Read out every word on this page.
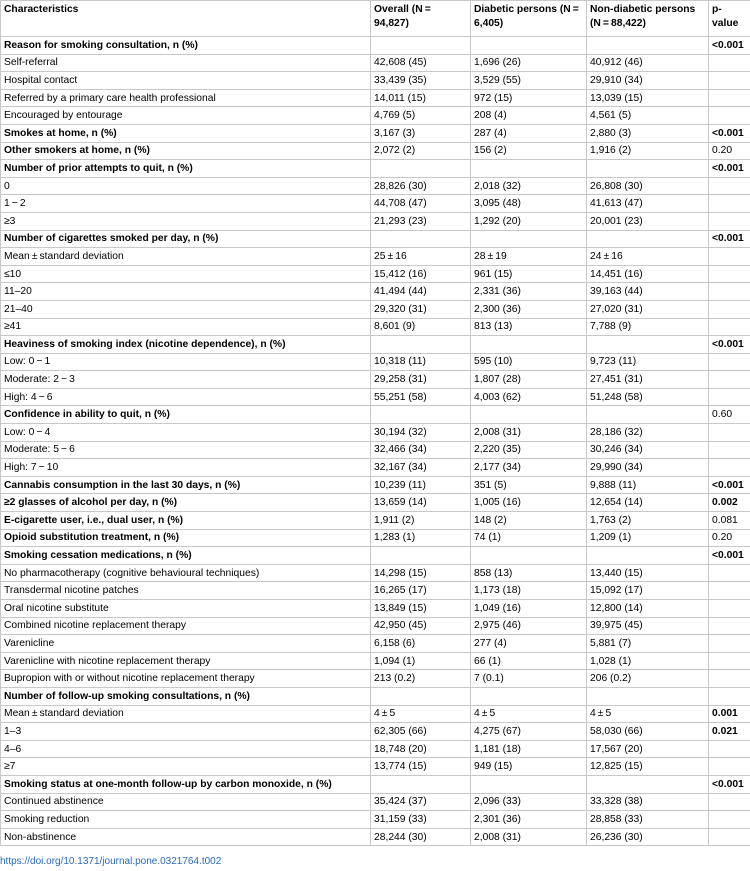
Characteristics	Overall (N = 94,827)	Diabetic persons (N = 6,405)	Non-diabetic persons (N = 88,422)	p-value
Reason for smoking consultation, n (%)				<0.001
Self-referral	42,608 (45)	1,696 (26)	40,912 (46)	
Hospital contact	33,439 (35)	3,529 (55)	29,910 (34)	
Referred by a primary care health professional	14,011 (15)	972 (15)	13,039 (15)	
Encouraged by entourage	4,769 (5)	208 (4)	4,561 (5)	
Smokes at home, n (%)	3,167 (3)	287 (4)	2,880 (3)	<0.001
Other smokers at home, n (%)	2,072 (2)	156 (2)	1,916 (2)	0.20
Number of prior attempts to quit, n (%)				<0.001
0	28,826 (30)	2,018 (32)	26,808 (30)	
1 − 2	44,708 (47)	3,095 (48)	41,613 (47)	
≥3	21,293 (23)	1,292 (20)	20,001 (23)	
Number of cigarettes smoked per day, n (%)				<0.001
Mean ± standard deviation	25 ± 16	28 ± 19	24 ± 16	
≤10	15,412 (16)	961 (15)	14,451 (16)	
11–20	41,494 (44)	2,331 (36)	39,163 (44)	
21–40	29,320 (31)	2,300 (36)	27,020 (31)	
≥41	8,601 (9)	813 (13)	7,788 (9)	
Heaviness of smoking index (nicotine dependence), n (%)				<0.001
Low: 0 − 1	10,318 (11)	595 (10)	9,723 (11)	
Moderate: 2 − 3	29,258 (31)	1,807 (28)	27,451 (31)	
High: 4 − 6	55,251 (58)	4,003 (62)	51,248 (58)	
Confidence in ability to quit, n (%)				0.60
Low: 0 − 4	30,194 (32)	2,008 (31)	28,186 (32)	
Moderate: 5 − 6	32,466 (34)	2,220 (35)	30,246 (34)	
High: 7 − 10	32,167 (34)	2,177 (34)	29,990 (34)	
Cannabis consumption in the last 30 days, n (%)	10,239 (11)	351 (5)	9,888 (11)	<0.001
≥2 glasses of alcohol per day, n (%)	13,659 (14)	1,005 (16)	12,654 (14)	0.002
E-cigarette user, i.e., dual user, n (%)	1,911 (2)	148 (2)	1,763 (2)	0.081
Opioid substitution treatment, n (%)	1,283 (1)	74 (1)	1,209 (1)	0.20
Smoking cessation medications, n (%)				<0.001
No pharmacotherapy (cognitive behavioural techniques)	14,298 (15)	858 (13)	13,440 (15)	
Transdermal nicotine patches	16,265 (17)	1,173 (18)	15,092 (17)	
Oral nicotine substitute	13,849 (15)	1,049 (16)	12,800 (14)	
Combined nicotine replacement therapy	42,950 (45)	2,975 (46)	39,975 (45)	
Varenicline	6,158 (6)	277 (4)	5,881 (7)	
Varenicline with nicotine replacement therapy	1,094 (1)	66 (1)	1,028 (1)	
Bupropion with or without nicotine replacement therapy	213 (0.2)	7 (0.1)	206 (0.2)	
Number of follow-up smoking consultations, n (%)				
Mean ± standard deviation	4 ± 5	4 ± 5	4 ± 5	0.001
1–3	62,305 (66)	4,275 (67)	58,030 (66)	0.021
4–6	18,748 (20)	1,181 (18)	17,567 (20)	
≥7	13,774 (15)	949 (15)	12,825 (15)	
Smoking status at one-month follow-up by carbon monoxide, n (%)				<0.001
Continued abstinence	35,424 (37)	2,096 (33)	33,328 (38)	
Smoking reduction	31,159 (33)	2,301 (36)	28,858 (33)	
Non-abstinence	28,244 (30)	2,008 (31)	26,236 (30)	
https://doi.org/10.1371/journal.pone.0321764.t002
